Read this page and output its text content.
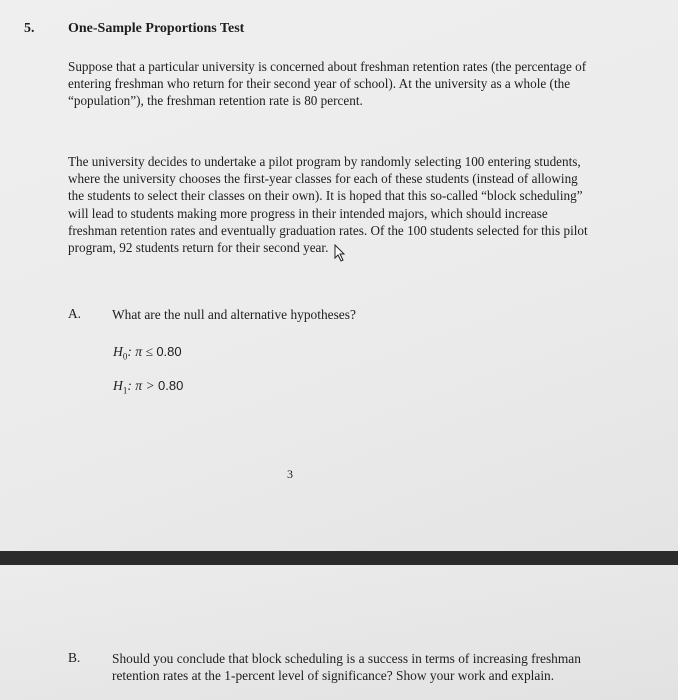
5. One-Sample Proportions Test

Suppose that a particular university is concerned about freshman retention rates (the percentage of entering freshman who return for their second year of school). At the university as a whole (the “population”), the freshman retention rate is 80 percent.

The university decides to undertake a pilot program by randomly selecting 100 entering students, where the university chooses the first-year classes for each of these students (instead of allowing the students to select their classes on their own). It is hoped that this so-called “block scheduling” will lead to students making more progress in their intended majors, which should increase freshman retention rates and eventually graduation rates. Of the 100 students selected for this pilot program, 92 students return for their second year.

A. What are the null and alternative hypotheses?
$H_0$: π ≤ 0.80
$H_1$: π > 0.80
3
B. Should you conclude that block scheduling is a success in terms of increasing freshman retention rates at the 1-percent level of significance? Show your work and explain.
